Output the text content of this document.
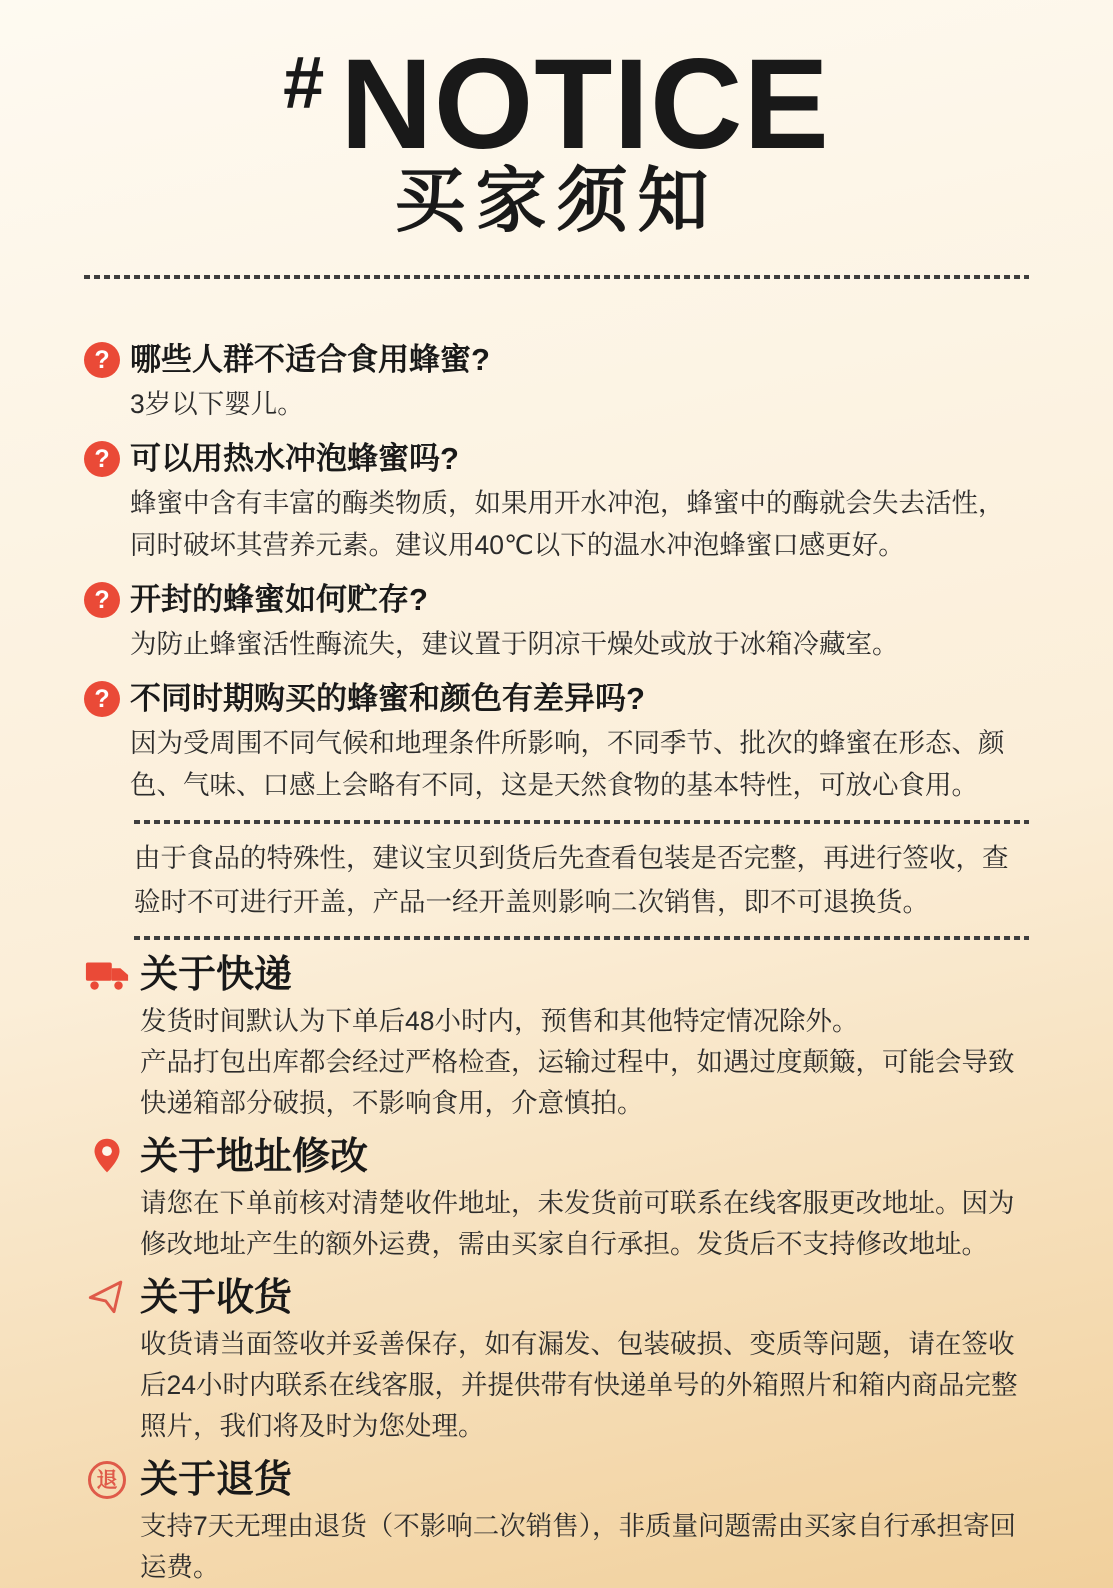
# NOTICE
买家须知
? 哪些人群不适合食用蜂蜜?

3岁以下婴儿。

? 可以用热水冲泡蜂蜜吗?

蜂蜜中含有丰富的酶类物质，如果用开水冲泡，蜂蜜中的酶就会失去活性，同时破坏其营养元素。建议用40℃以下的温水冲泡蜂蜜口感更好。

? 开封的蜂蜜如何贮存?

为防止蜂蜜活性酶流失，建议置于阴凉干燥处或放于冰箱冷藏室。

? 不同时期购买的蜂蜜和颜色有差异吗?

因为受周围不同气候和地理条件所影响，不同季节、批次的蜂蜜在形态、颜色、气味、口感上会略有不同，这是天然食物的基本特性，可放心食用。

由于食品的特殊性，建议宝贝到货后先查看包装是否完整，再进行签收，查验时不可进行开盖，产品一经开盖则影响二次销售，即不可退换货。

关于快递

发货时间默认为下单后48小时内，预售和其他特定情况除外。

产品打包出库都会经过严格检查，运输过程中，如遇过度颠簸，可能会导致快递箱部分破损，不影响食用，介意慎拍。

关于地址修改

请您在下单前核对清楚收件地址，未发货前可联系在线客服更改地址。因为修改地址产生的额外运费，需由买家自行承担。发货后不支持修改地址。

关于收货

收货请当面签收并妥善保存，如有漏发、包装破损、变质等问题，请在签收后24小时内联系在线客服，并提供带有快递单号的外箱照片和箱内商品完整照片，我们将及时为您处理。

退 关于退货

支持7天无理由退货（不影响二次销售），非质量问题需由买家自行承担寄回运费。
